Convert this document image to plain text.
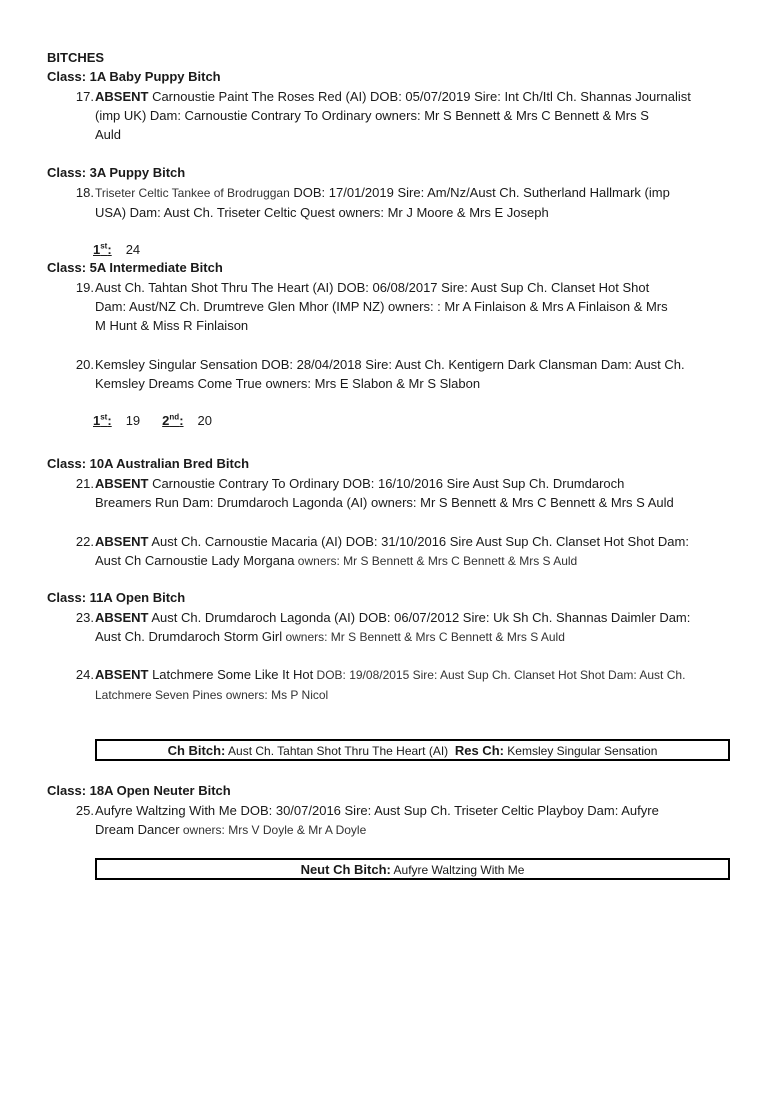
BITCHES
Class: 1A Baby Puppy Bitch
17. ABSENT Carnoustie Paint The Roses Red (AI) DOB: 05/07/2019 Sire: Int Ch/Itl Ch. Shannas Journalist
(imp UK) Dam: Carnoustie Contrary To Ordinary owners: Mr S Bennett & Mrs C Bennett & Mrs S
Auld
Class: 3A Puppy Bitch
18. Triseter Celtic Tankee of Brodruggan DOB: 17/01/2019 Sire: Am/Nz/Aust Ch. Sutherland Hallmark (imp
USA) Dam: Aust Ch. Triseter Celtic Quest owners: Mr J Moore & Mrs E Joseph
1st: 24
Class: 5A Intermediate Bitch
19. Aust Ch. Tahtan Shot Thru The Heart (AI) DOB: 06/08/2017 Sire: Aust Sup Ch. Clanset Hot Shot
Dam: Aust/NZ Ch. Drumtreve Glen Mhor (IMP NZ) owners: : Mr A Finlaison & Mrs A Finlaison & Mrs
M Hunt & Miss R Finlaison
20. Kemsley Singular Sensation DOB: 28/04/2018 Sire: Aust Ch. Kentigern Dark Clansman Dam: Aust Ch.
Kemsley Dreams Come True owners: Mrs E Slabon & Mr S Slabon
1st: 19 2nd: 20
Class: 10A Australian Bred Bitch
21. ABSENT Carnoustie Contrary To Ordinary DOB: 16/10/2016 Sire Aust Sup Ch. Drumdaroch
Breamers Run Dam: Drumdaroch Lagonda (AI) owners: Mr S Bennett & Mrs C Bennett & Mrs S Auld
22. ABSENT Aust Ch. Carnoustie Macaria (AI) DOB: 31/10/2016 Sire Aust Sup Ch. Clanset Hot Shot Dam:
Aust Ch Carnoustie Lady Morgana owners: Mr S Bennett & Mrs C Bennett & Mrs S Auld
Class: 11A Open Bitch
23. ABSENT Aust Ch. Drumdaroch Lagonda (AI) DOB: 06/07/2012 Sire: Uk Sh Ch. Shannas Daimler Dam:
Aust Ch. Drumdaroch Storm Girl owners: Mr S Bennett & Mrs C Bennett & Mrs S Auld
24. ABSENT Latchmere Some Like It Hot DOB: 19/08/2015 Sire: Aust Sup Ch. Clanset Hot Shot Dam: Aust Ch.
Latchmere Seven Pines owners: Ms P Nicol
Ch Bitch: Aust Ch. Tahtan Shot Thru The Heart (AI) Res Ch: Kemsley Singular Sensation
Class: 18A Open Neuter Bitch
25. Aufyre Waltzing With Me DOB: 30/07/2016 Sire: Aust Sup Ch. Triseter Celtic Playboy Dam: Aufyre
Dream Dancer owners: Mrs V Doyle & Mr A Doyle
Neut Ch Bitch: Aufyre Waltzing With Me
